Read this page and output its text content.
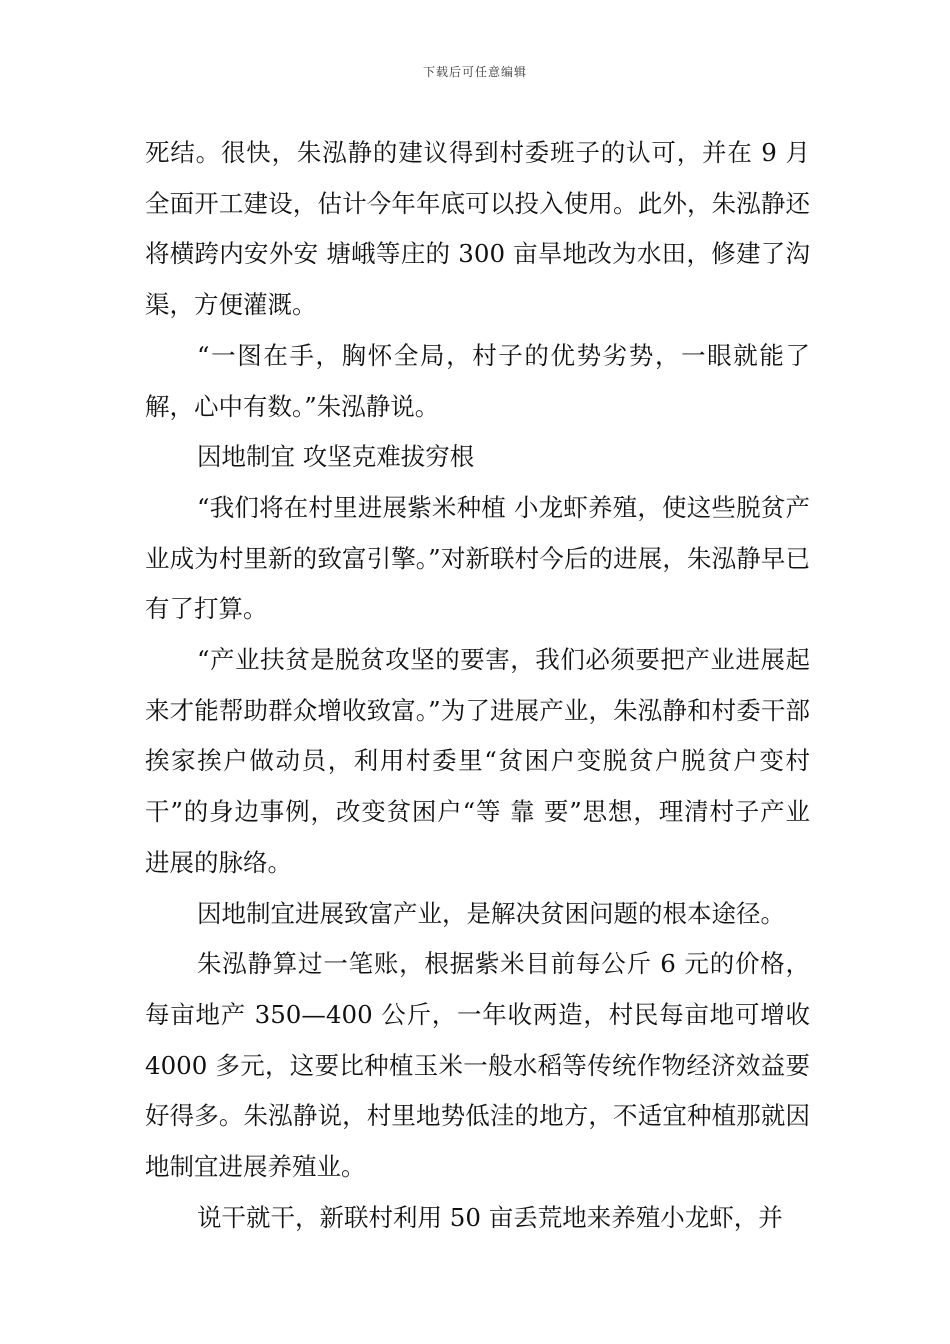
下载后可任意编辑

死结。很快，朱泓静的建议得到村委班子的认可，并在 9 月全面开工建设，估计今年年底可以投入使用。此外，朱泓静还将横跨内安外安 塘峨等庄的 300 亩旱地改为水田，修建了沟渠，方便灌溉。

“一图在手，胸怀全局，村子的优势劣势，一眼就能了解，心中有数。”朱泓静说。

因地制宜 攻坚克难拔穷根

“我们将在村里进展紫米种植 小龙虾养殖，使这些脱贫产业成为村里新的致富引擎。”对新联村今后的进展，朱泓静早已有了打算。

“产业扶贫是脱贫攻坚的要害，我们必须要把产业进展起来才能帮助群众增收致富。”为了进展产业，朱泓静和村委干部挨家挨户做动员，利用村委里“贫困户变脱贫户脱贫户变村干”的身边事例，改变贫困户“等 靠 要”思想，理清村子产业进展的脉络。

因地制宜进展致富产业，是解决贫困问题的根本途径。

朱泓静算过一笔账，根据紫米目前每公斤 6 元的价格，每亩地产 350—400 公斤，一年收两造，村民每亩地可增收 4000 多元，这要比种植玉米一般水稻等传统作物经济效益要好得多。朱泓静说，村里地势低洼的地方，不适宜种植那就因地制宜进展养殖业。

说干就干，新联村利用 50 亩丢荒地来养殖小龙虾，并
